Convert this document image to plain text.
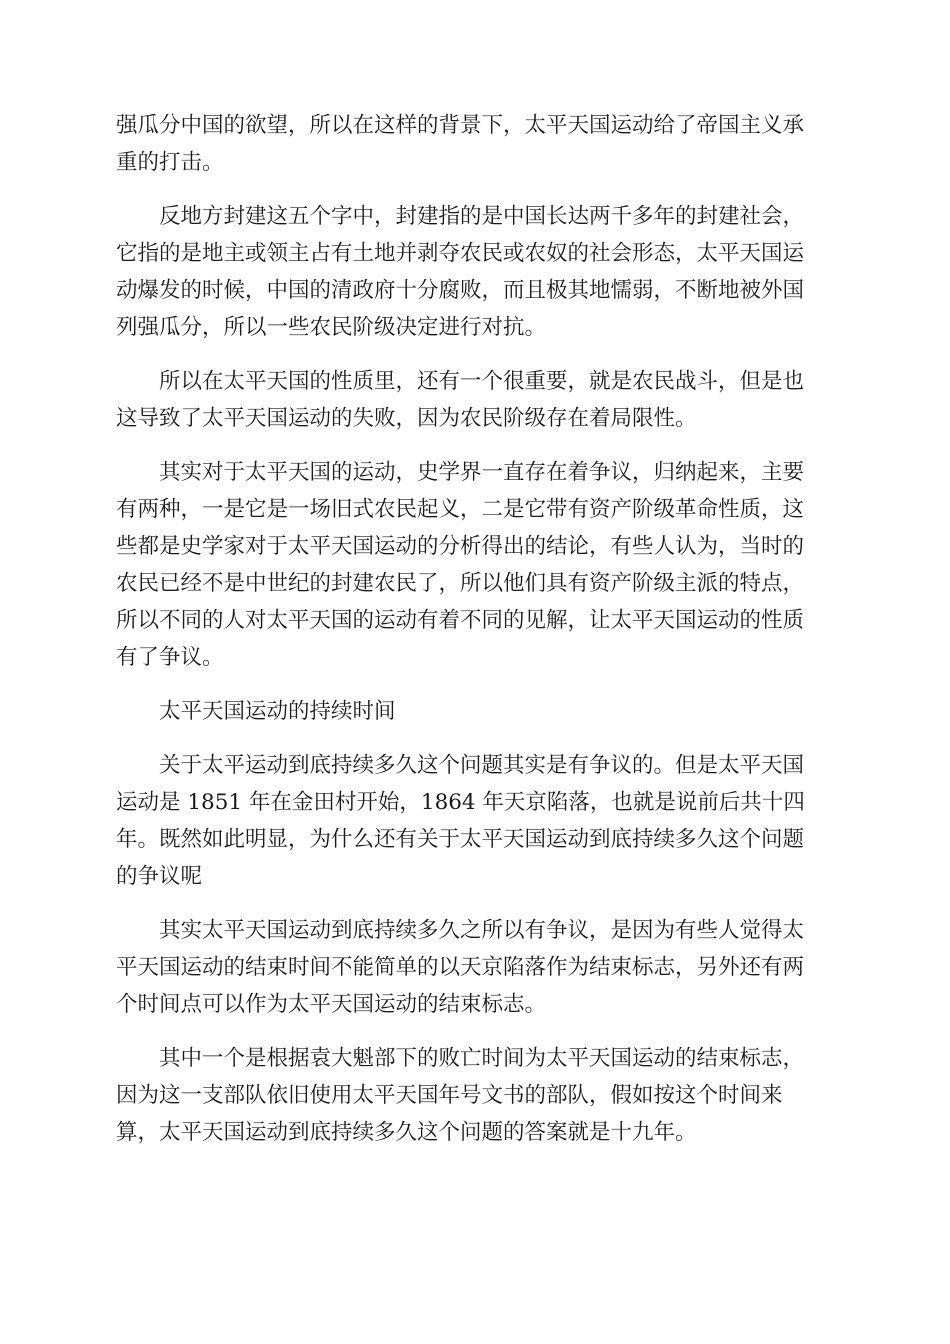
强瓜分中国的欲望，所以在这样的背景下，太平天国运动给了帝国主义承
重的打击。

反地方封建这五个字中，封建指的是中国长达两千多年的封建社会，
它指的是地主或领主占有土地并剥夺农民或农奴的社会形态，太平天国运
动爆发的时候，中国的清政府十分腐败，而且极其地懦弱，不断地被外国
列强瓜分，所以一些农民阶级决定进行对抗。

所以在太平天国的性质里，还有一个很重要，就是农民战斗，但是也
这导致了太平天国运动的失败，因为农民阶级存在着局限性。

其实对于太平天国的运动，史学界一直存在着争议，归纳起来，主要
有两种，一是它是一场旧式农民起义，二是它带有资产阶级革命性质，这
些都是史学家对于太平天国运动的分析得出的结论，有些人认为，当时的
农民已经不是中世纪的封建农民了，所以他们具有资产阶级主派的特点，
所以不同的人对太平天国的运动有着不同的见解，让太平天国运动的性质
有了争议。

太平天国运动的持续时间

关于太平运动到底持续多久这个问题其实是有争议的。但是太平天国
运动是 1851 年在金田村开始，1864 年天京陷落，也就是说前后共十四
年。既然如此明显，为什么还有关于太平天国运动到底持续多久这个问题
的争议呢

其实太平天国运动到底持续多久之所以有争议，是因为有些人觉得太
平天国运动的结束时间不能简单的以天京陷落作为结束标志，另外还有两
个时间点可以作为太平天国运动的结束标志。

其中一个是根据袁大魁部下的败亡时间为太平天国运动的结束标志，
因为这一支部队依旧使用太平天国年号文书的部队，假如按这个时间来
算，太平天国运动到底持续多久这个问题的答案就是十九年。
